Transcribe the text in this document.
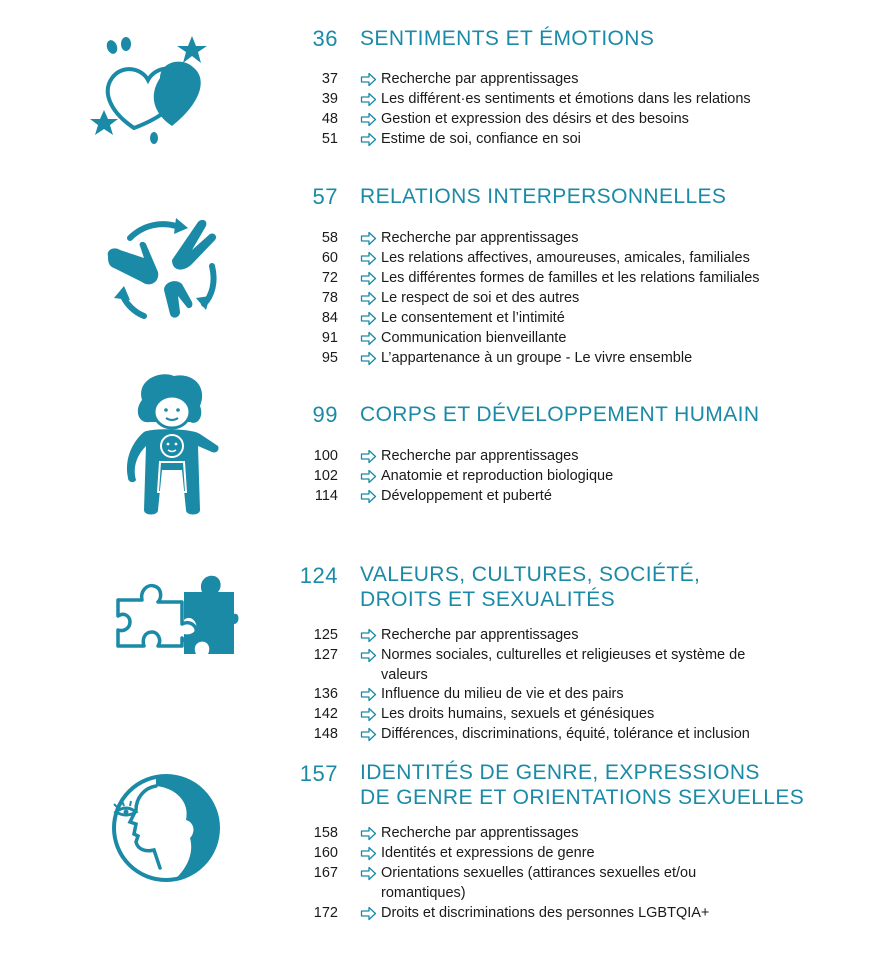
36 SENTIMENTS ET ÉMOTIONS
37	Recherche par apprentissages
39	Les différent·es sentiments et émotions dans les relations
48	Gestion et expression des désirs et des besoins
51	Estime de soi, confiance en soi
57 RELATIONS INTERPERSONNELLES
58	Recherche par apprentissages
60	Les relations affectives, amoureuses, amicales, familiales
72	Les différentes formes de familles et les relations familiales
78	Le respect de soi et des autres
84	Le consentement et l’intimité
91	Communication bienveillante
95	L’appartenance à un groupe - Le vivre ensemble
99 CORPS ET DÉVELOPPEMENT HUMAIN
100	Recherche par apprentissages
102	Anatomie et reproduction biologique
114	Développement et puberté
124 VALEURS, CULTURES, SOCIÉTÉ,
DROITS ET SEXUALITÉS
125	Recherche par apprentissages
127	Normes sociales, culturelles et religieuses et système de
valeurs
136	Influence du milieu de vie et des pairs
142	Les droits humains, sexuels et génésiques
148	Différences, discriminations, équité, tolérance et inclusion
157 IDENTITÉS DE GENRE, EXPRESSIONS
DE GENRE ET ORIENTATIONS SEXUELLES
158	Recherche par apprentissages
160	Identités et expressions de genre
167	Orientations sexuelles (attirances sexuelles et/ou
romantiques)
172	Droits et discriminations des personnes LGBTQIA+
